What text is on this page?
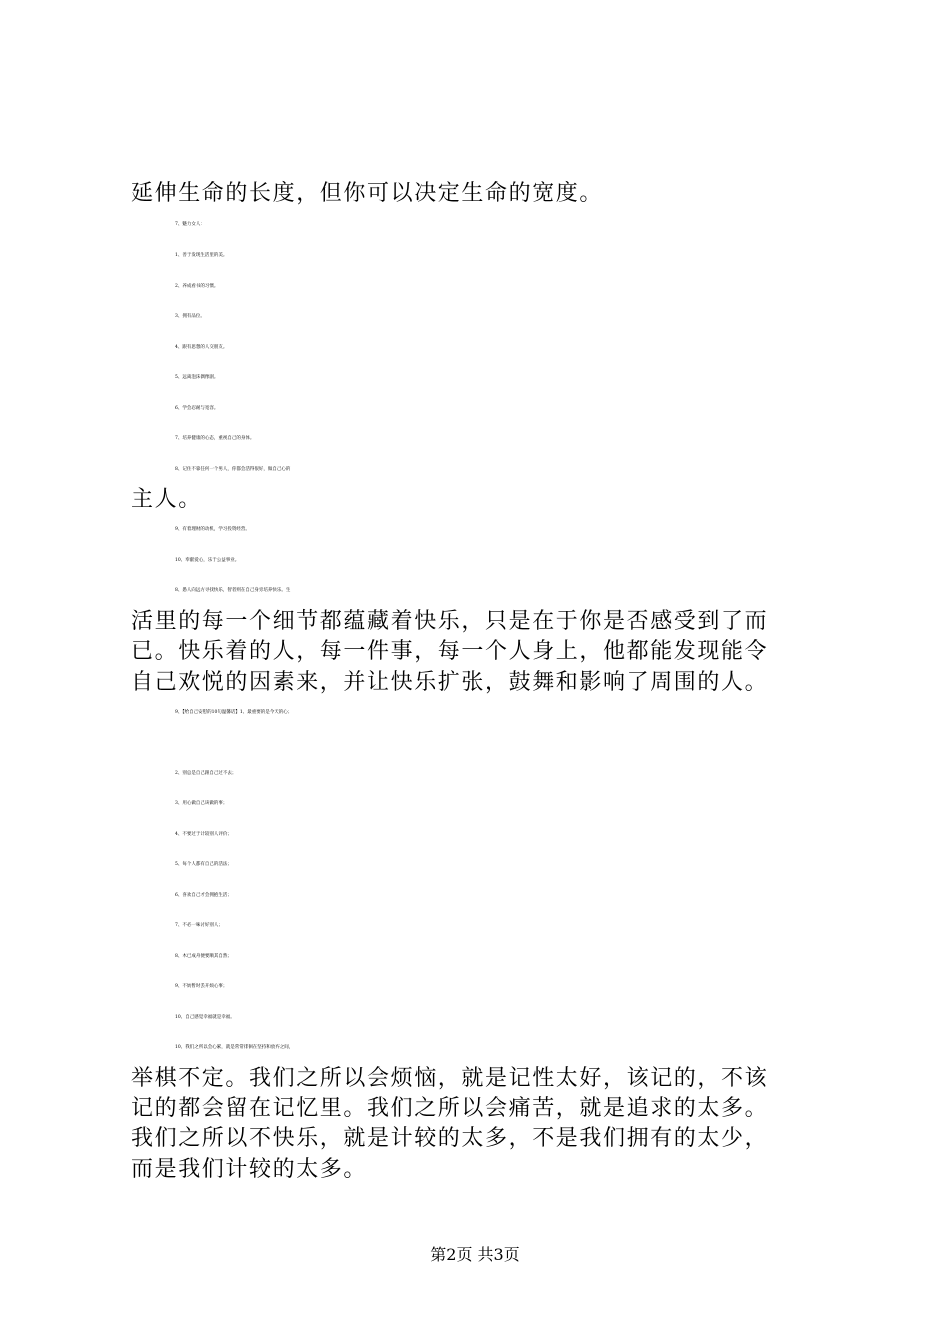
延伸生命的长度，但你可以决定生命的宽度。
7、魅力女人：
1、善于发现生活里的美。
2、养成看书的习惯。
3、拥有品位。
4、跟有思想的人交朋友。
5、远离泡沫偶像剧。
6、学会忍耐与宽容。
7、培养健康的心态，重视自己的身体。
8、记住不靠任何一个男人，你都会活得很好，做自己心的
主人。
9、有着理财的动机，学习投资经营。
10、奉献爱心，乐于公益事业。
8、愚人向远方寻找快乐，智者则在自己身旁培养快乐。生
活里的每一个细节都蕴藏着快乐，只是在于你是否感受到了而
已。快乐着的人，每一件事，每一个人身上，他都能发现能令
自己欢悦的因素来，并让快乐扩张，鼓舞和影响了周围的人。
9、【给自己安慰的10句温馨话】1、最重要的是今天的心；
2、别总是自己跟自己过不去；
3、用心做自己该做的事；
4、不要过于计较别人评价；
5、每个人都有自己的活法；
6、喜欢自己才会拥抱生活；
7、不必一味讨好别人；
8、木已成舟便要顺其自然；
9、不妨暂时丢开烦心事；
10、自己感觉幸福就是幸福。
10、我们之所以会心累，就是常常徘徊在坚持和放弃之间，
举棋不定。我们之所以会烦恼，就是记性太好，该记的，不该
记的都会留在记忆里。我们之所以会痛苦，就是追求的太多。
我们之所以不快乐，就是计较的太多，不是我们拥有的太少，
而是我们计较的太多。
第2页 共3页
